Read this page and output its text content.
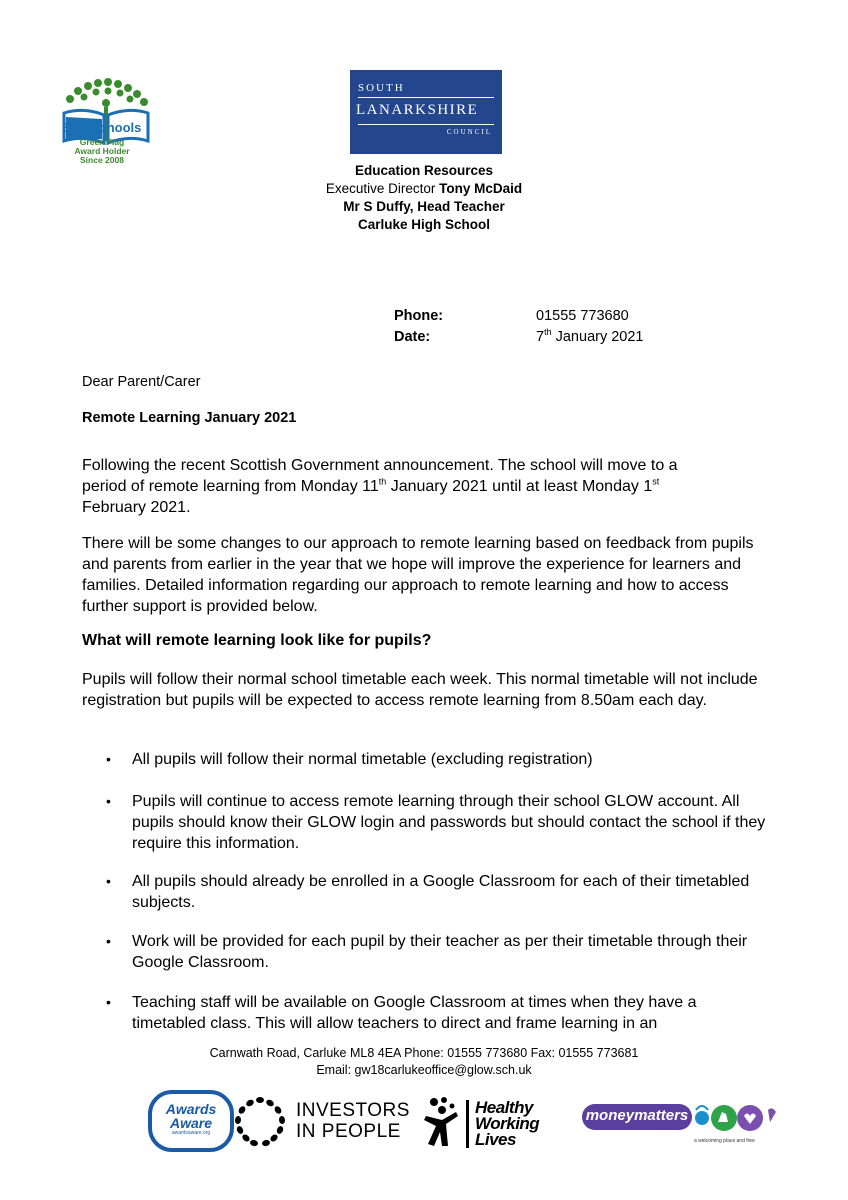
Eco-Schools
Green Flag
Award Holder
Since 2008
SOUTH
LANARKSHIRE
COUNCIL
Education Resources
Executive Director Tony McDaid
Mr S Duffy, Head Teacher
Carluke High School
Phone:	01555 773680
Date:	7th January 2021
Dear Parent/Carer
Remote Learning January 2021
Following the recent Scottish Government announcement. The school will move to a
period of remote learning from Monday 11th January 2021 until at least Monday 1st
February 2021.
There will be some changes to our approach to remote learning based on feedback from pupils and parents from earlier in the year that we hope will improve the experience for learners and families. Detailed information regarding our approach to remote learning and how to access further support is provided below.
What will remote learning look like for pupils?
Pupils will follow their normal school timetable each week. This normal timetable will not include registration but pupils will be expected to access remote learning from 8.50am each day.
• All pupils will follow their normal timetable (excluding registration)
• Pupils will continue to access remote learning through their school GLOW account. All pupils should know their GLOW login and passwords but should contact the school if they require this information.
• All pupils should already be enrolled in a Google Classroom for each of their timetabled subjects.
• Work will be provided for each pupil by their teacher as per their timetable through their Google Classroom.
• Teaching staff will be available on Google Classroom at times when they have a timetabled class. This will allow teachers to direct and frame learning in an
Carnwath Road, Carluke ML8 4EA Phone: 01555 773680 Fax: 01555 773681
Email: gw18carlukeoffice@glow.sch.uk
Awards
Aware
awardsaware.org
INVESTORS
IN PEOPLE
Healthy
Working
Lives
moneymatters
Advice Service
a welcoming place and free
